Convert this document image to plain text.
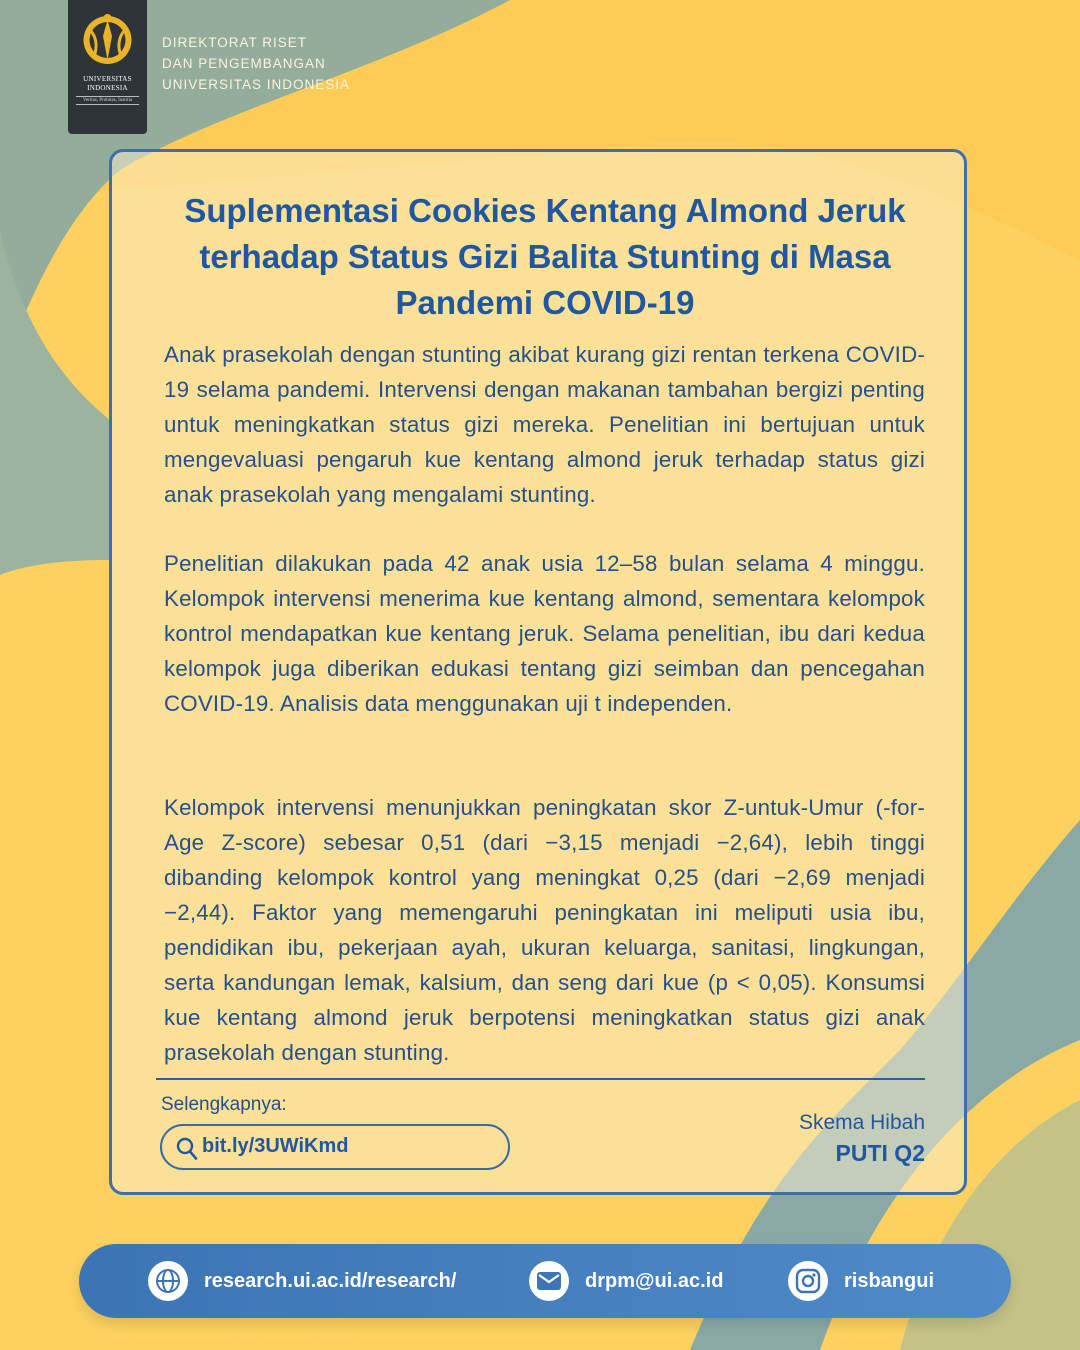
UNIVERSITAS
INDONESIA
Veritas, Probitas, Iustitia
DIREKTORAT RISET
DAN PENGEMBANGAN
UNIVERSITAS INDONESIA
Suplementasi Cookies Kentang Almond Jeruk
terhadap Status Gizi Balita Stunting di Masa
Pandemi COVID-19
Anak prasekolah dengan stunting akibat kurang gizi rentan terkena COVID-19 selama pandemi. Intervensi dengan makanan tambahan bergizi penting untuk meningkatkan status gizi mereka. Penelitian ini bertujuan untuk mengevaluasi pengaruh kue kentang almond jeruk terhadap status gizi anak prasekolah yang mengalami stunting.
Penelitian dilakukan pada 42 anak usia 12–58 bulan selama 4 minggu. Kelompok intervensi menerima kue kentang almond, sementara kelompok kontrol mendapatkan kue kentang jeruk. Selama penelitian, ibu dari kedua kelompok juga diberikan edukasi tentang gizi seimban dan pencegahan COVID-19. Analisis data menggunakan uji t independen.
Kelompok intervensi menunjukkan peningkatan skor Z-untuk-Umur (-for-Age Z-score) sebesar 0,51 (dari −3,15 menjadi −2,64), lebih tinggi dibanding kelompok kontrol yang meningkat 0,25 (dari −2,69 menjadi −2,44). Faktor yang memengaruhi peningkatan ini meliputi usia ibu, pendidikan ibu, pekerjaan ayah, ukuran keluarga, sanitasi, lingkungan, serta kandungan lemak, kalsium, dan seng dari kue (p < 0,05). Konsumsi kue kentang almond jeruk berpotensi meningkatkan status gizi anak prasekolah dengan stunting.
Selengkapnya:
bit.ly/3UWiKmd
Skema Hibah
PUTI Q2
research.ui.ac.id/research/	drpm@ui.ac.id	risbangui
